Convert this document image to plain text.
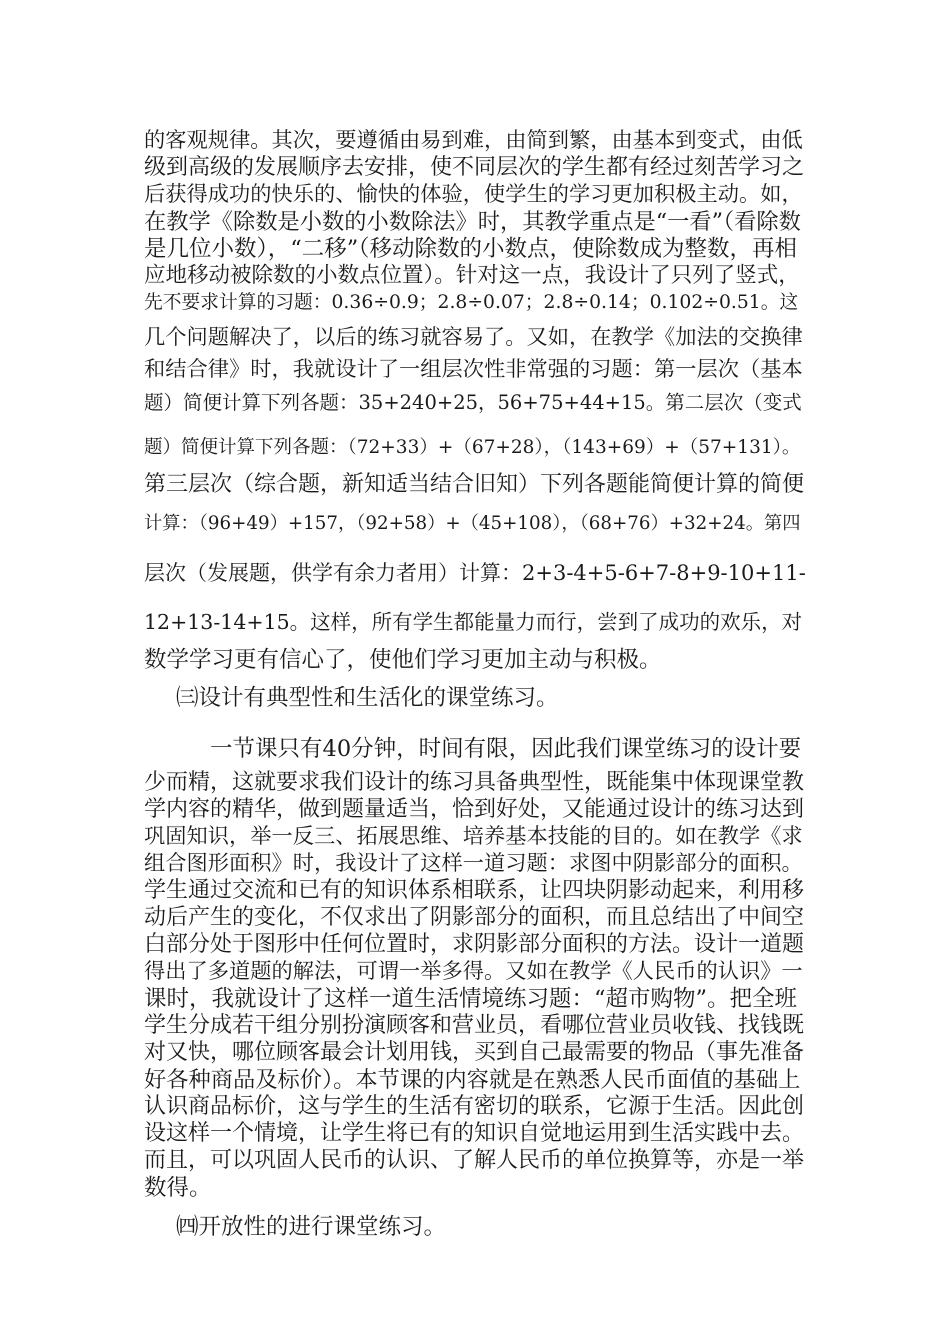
的客观规律。其次，要遵循由易到难，由简到繁，由基本到变式，由低

级到高级的发展顺序去安排，使不同层次的学生都有经过刻苦学习之

后获得成功的快乐的、愉快的体验，使学生的学习更加积极主动。如，

在教学《除数是小数的小数除法》时，其教学重点是“一看”（看除数

是几位小数），“二移”（移动除数的小数点，使除数成为整数，再相

应地移动被除数的小数点位置）。针对这一点，我设计了只列了竖式，

先不要求计算的习题：0.36÷0.9；2.8÷0.07；2.8÷0.14；0.102÷0.51。这

几个问题解决了，以后的练习就容易了。又如，在教学《加法的交换律

和结合律》时，我就设计了一组层次性非常强的习题：第一层次（基本

题）简便计算下列各题：35+240+25，56+75+44+15。第二层次（变式

题）简便计算下列各题：（72+33）+（67+28），（143+69）+（57+131）。

第三层次（综合题，新知适当结合旧知）下列各题能简便计算的简便

计算：（96+49）+157，（92+58）+（45+108），（68+76）+32+24。第四

层次（发展题，供学有余力者用）计算：2+3-4+5-6+7-8+9-10+11-

12+13-14+15。这样，所有学生都能量力而行，尝到了成功的欢乐，对

数学学习更有信心了，使他们学习更加主动与积极。

㈢设计有典型性和生活化的课堂练习。

一节课只有40分钟，时间有限，因此我们课堂练习的设计要

少而精，这就要求我们设计的练习具备典型性，既能集中体现课堂教

学内容的精华，做到题量适当，恰到好处，又能通过设计的练习达到

巩固知识，举一反三、拓展思维、培养基本技能的目的。如在教学《求

组合图形面积》时，我设计了这样一道习题：求图中阴影部分的面积。

学生通过交流和已有的知识体系相联系，让四块阴影动起来，利用移

动后产生的变化，不仅求出了阴影部分的面积，而且总结出了中间空

白部分处于图形中任何位置时，求阴影部分面积的方法。设计一道题

得出了多道题的解法，可谓一举多得。又如在教学《人民币的认识》一

课时，我就设计了这样一道生活情境练习题：“超市购物”。把全班

学生分成若干组分别扮演顾客和营业员，看哪位营业员收钱、找钱既

对又快，哪位顾客最会计划用钱，买到自己最需要的物品（事先准备

好各种商品及标价）。本节课的内容就是在熟悉人民币面值的基础上

认识商品标价，这与学生的生活有密切的联系，它源于生活。因此创

设这样一个情境，让学生将已有的知识自觉地运用到生活实践中去。

而且，可以巩固人民币的认识、了解人民币的单位换算等，亦是一举

数得。

㈣开放性的进行课堂练习。
